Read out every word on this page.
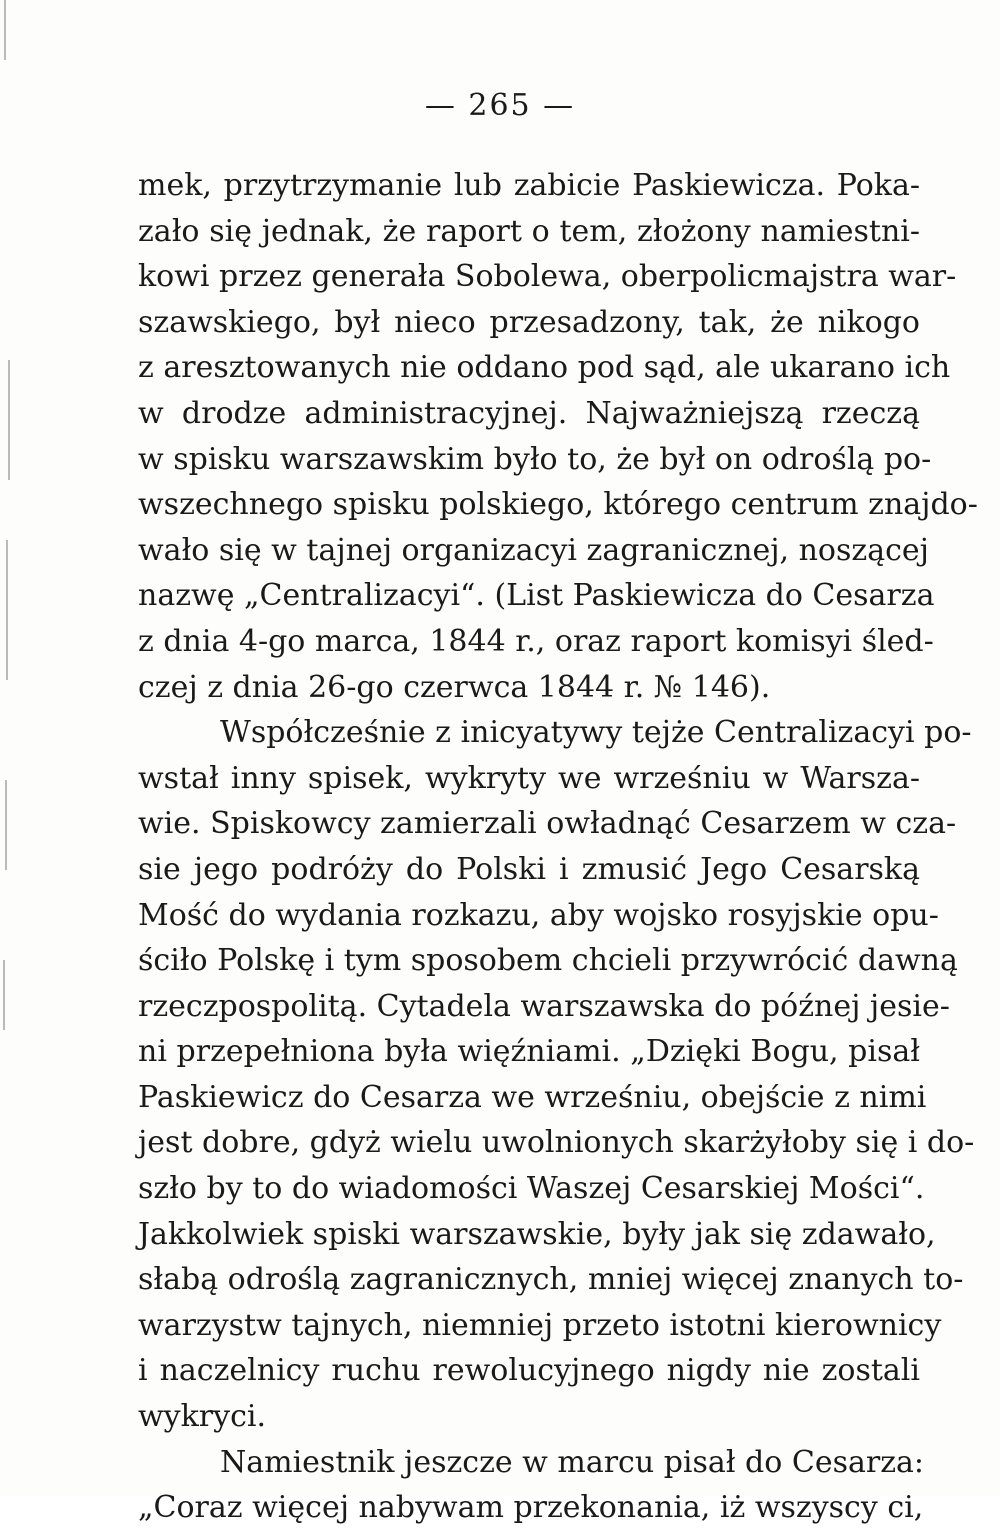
— 265 —
mek, przytrzymanie lub zabicie Paskiewicza. Poka-
zało się jednak, że raport o tem, złożony namiestni-
kowi przez generała Sobolewa, oberpolicmajstra war-
szawskiego, był nieco przesadzony, tak, że nikogo
z aresztowanych nie oddano pod sąd, ale ukarano ich
w drodze administracyjnej. Najważniejszą rzeczą
w spisku warszawskim było to, że był on odroślą po-
wszechnego spisku polskiego, którego centrum znajdo-
wało się w tajnej organizacyi zagranicznej, noszącej
nazwę „Centralizacyi“. (List Paskiewicza do Cesarza
z dnia 4-go marca, 1844 r., oraz raport komisyi śled-
czej z dnia 26-go czerwca 1844 r. № 146).
Współcześnie z inicyatywy tejże Centralizacyi po-
wstał inny spisek, wykryty we wrześniu w Warsza-
wie. Spiskowcy zamierzali owładnąć Cesarzem w cza-
sie jego podróży do Polski i zmusić Jego Cesarską
Mość do wydania rozkazu, aby wojsko rosyjskie opu-
ściło Polskę i tym sposobem chcieli przywrócić dawną
rzeczpospolitą. Cytadela warszawska do późnej jesie-
ni przepełniona była więźniami. „Dzięki Bogu, pisał
Paskiewicz do Cesarza we wrześniu, obejście z nimi
jest dobre, gdyż wielu uwolnionych skarżyłoby się i do-
szło by to do wiadomości Waszej Cesarskiej Mości“.
Jakkolwiek spiski warszawskie, były jak się zdawało,
słabą odroślą zagranicznych, mniej więcej znanych to-
warzystw tajnych, niemniej przeto istotni kierownicy
i naczelnicy ruchu rewolucyjnego nigdy nie zostali
wykryci.
Namiestnik jeszcze w marcu pisał do Cesarza:
„Coraz więcej nabywam przekonania, iż wszyscy ci,
